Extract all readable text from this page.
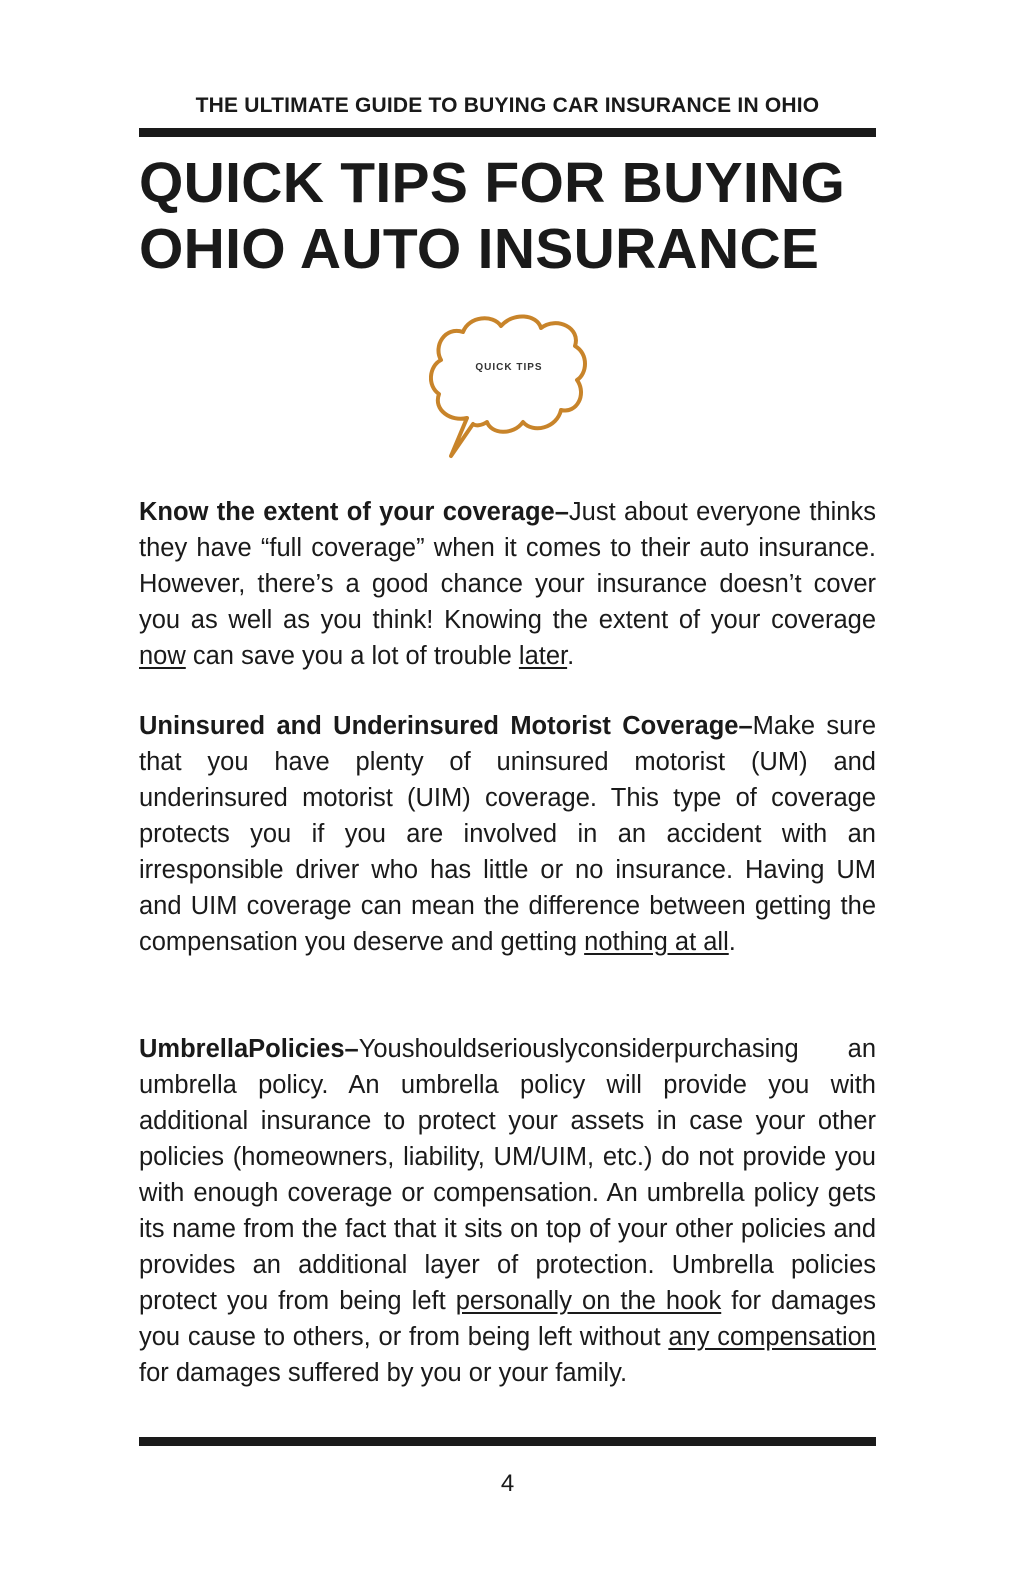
THE ULTIMATE GUIDE TO BUYING CAR INSURANCE IN OHIO
QUICK TIPS FOR BUYING
OHIO AUTO INSURANCE
QUICK TIPS

Know the extent of your coverage–Just about everyone thinks they have “full coverage” when it comes to their auto insurance. However, there’s a good chance your insurance doesn’t cover you as well as you think! Knowing the extent of your coverage now can save you a lot of trouble later.

Uninsured and Underinsured Motorist Coverage–Make sure that you have plenty of uninsured motorist (UM) and underinsured motorist (UIM) coverage. This type of coverage protects you if you are involved in an accident with an irresponsible driver who has little or no insurance. Having UM and UIM coverage can mean the difference between getting the compensation you deserve and getting nothing at all.

UmbrellaPolicies–Youshouldseriouslyconsiderpurchasing an umbrella policy. An umbrella policy will provide you with additional insurance to protect your assets in case your other policies (homeowners, liability, UM/UIM, etc.) do not provide you with enough coverage or compensation. An umbrella policy gets its name from the fact that it sits on top of your other policies and provides an additional layer of protection. Umbrella policies protect you from being left personally on the hook for damages you cause to others, or from being left without any compensation for damages suffered by you or your family.

4
